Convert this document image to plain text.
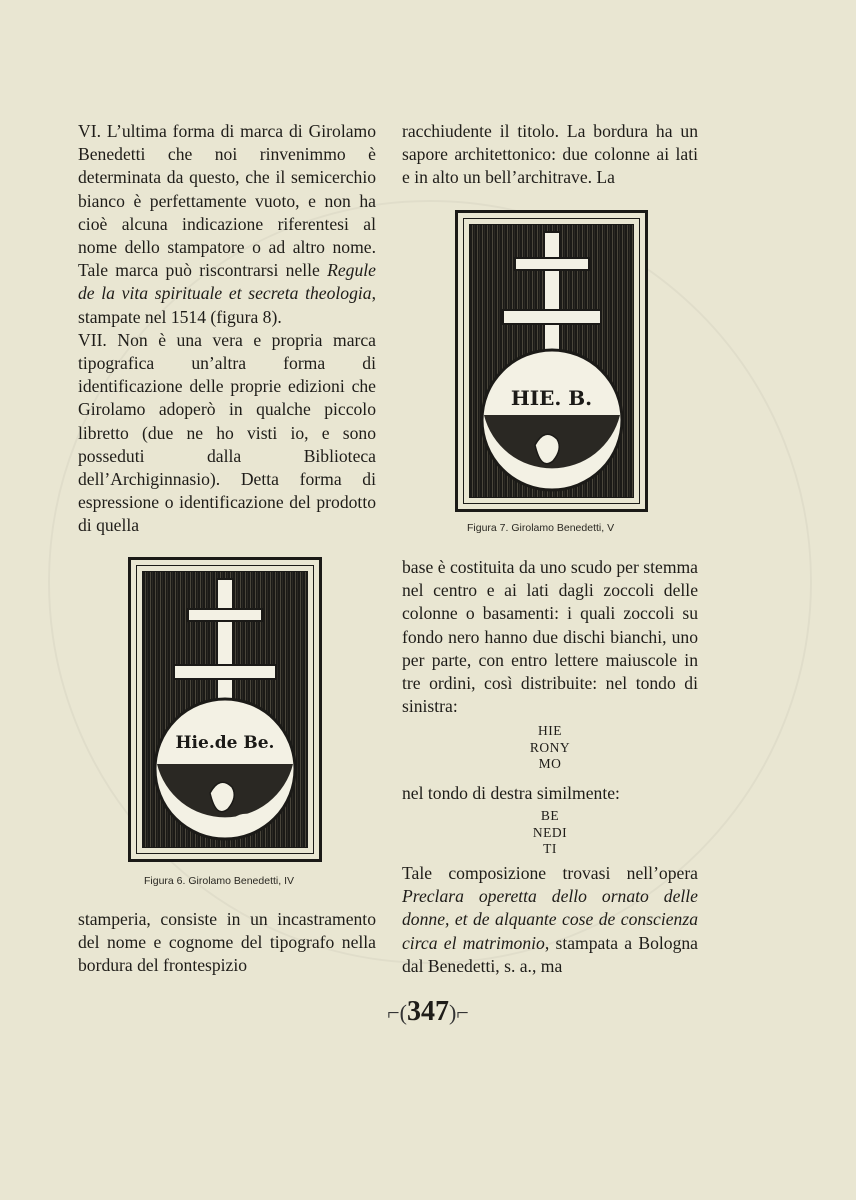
VI. L’ultima forma di marca di Girolamo Benedetti che noi rinvenimmo è determinata da questo, che il semicerchio bianco è perfettamente vuoto, e non ha cioè alcuna indicazione riferentesi al nome dello stampatore o ad altro nome. Tale marca può riscontrarsi nelle Regule de la vita spirituale et secreta theologia, stampate nel 1514 (figura 8).

VII. Non è una vera e propria marca tipografica un’altra forma di identificazione delle proprie edizioni che Girolamo adoperò in qualche piccolo libretto (due ne ho visti io, e sono posseduti dalla Biblioteca dell’Archiginnasio). Detta forma di espressione o identificazione del prodotto di quella

racchiudente il titolo. La bordura ha un sapore architettonico: due colonne ai lati e in alto un bell’architrave. La

HIE. B.
Figura 7. Girolamo Benedetti, V
Hie.de Be.
Figura 6. Girolamo Benedetti, IV

base è costituita da uno scudo per stemma nel centro e ai lati dagli zoccoli delle colonne o basamenti: i quali zoccoli su fondo nero hanno due dischi bianchi, uno per parte, con entro lettere maiuscole in tre ordini, così distribuite: nel tondo di sinistra:

HIE
RONY
MO

nel tondo di destra similmente:

BE
NEDI
TI

Tale composizione trovasi nell’opera Preclara operetta dello ornato delle donne, et de alquante cose de conscienza circa el matrimonio, stampata a Bologna dal Benedetti, s. a., ma

stamperia, consiste in un incastramento del nome e cognome del tipografo nella bordura del frontespizio

⌐(347)⌐
